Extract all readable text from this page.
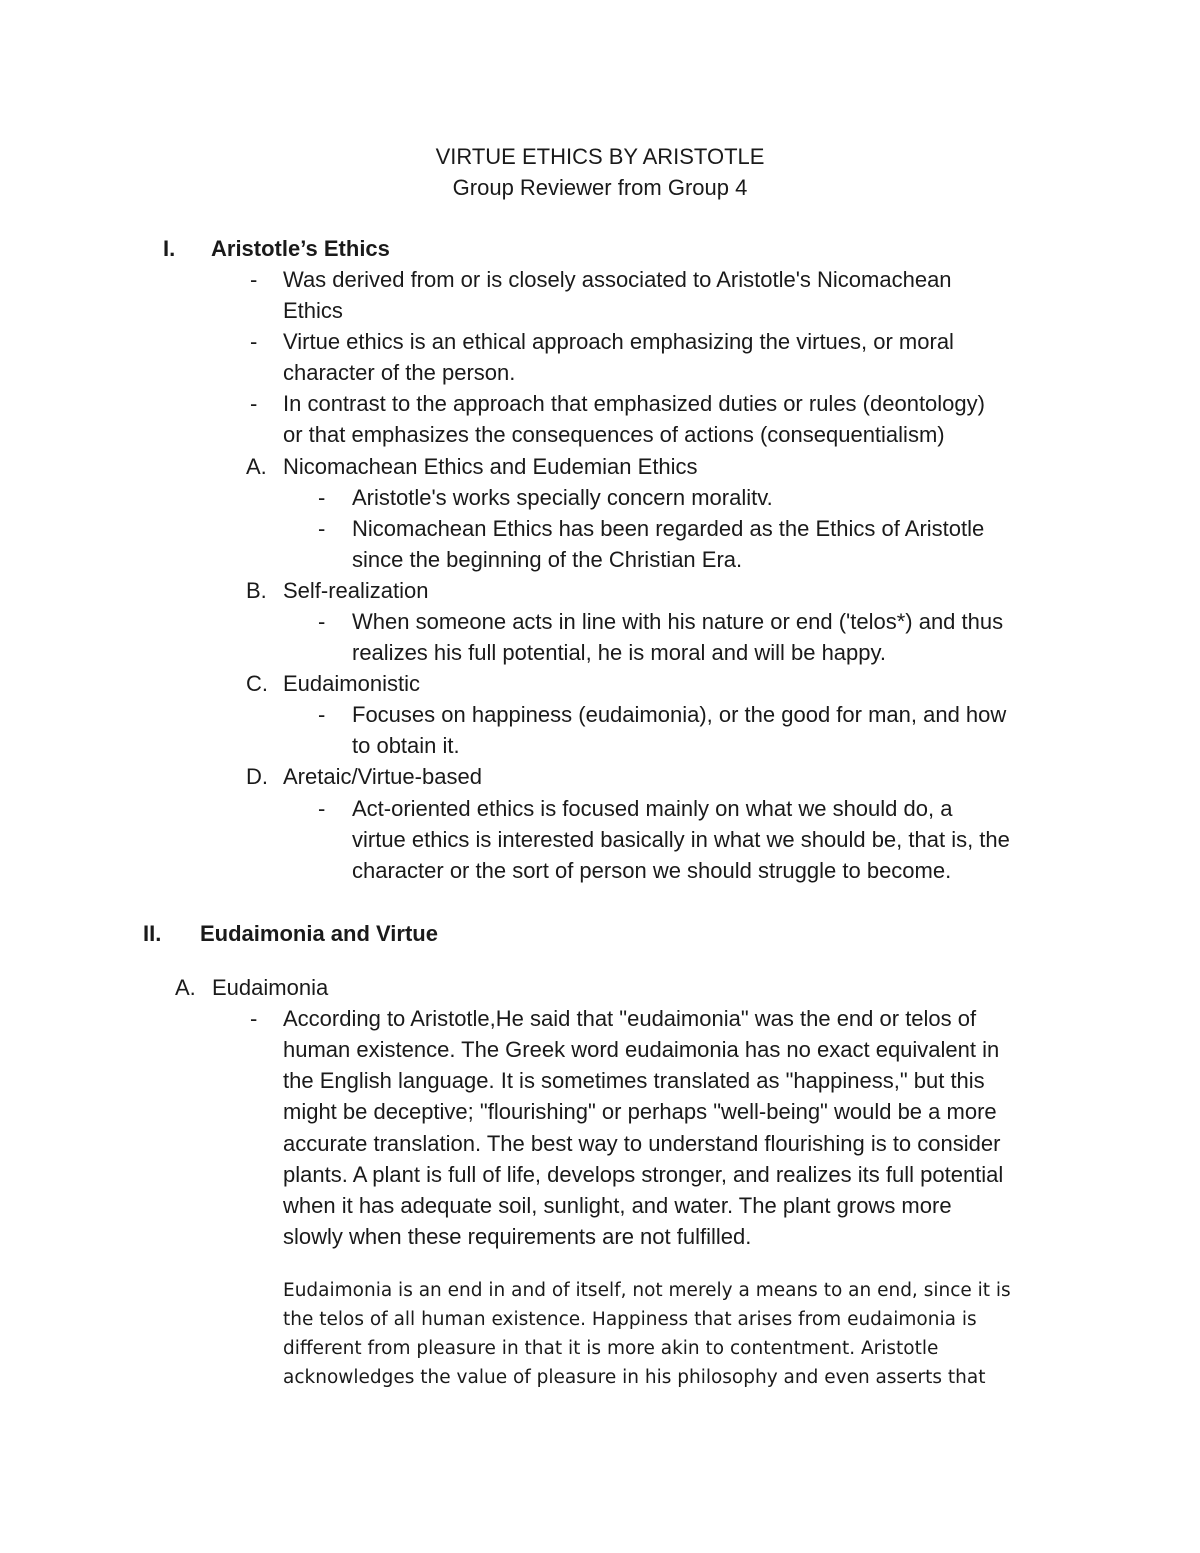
VIRTUE ETHICS BY ARISTOTLE
Group Reviewer from Group 4
I. Aristotle’s Ethics
- Was derived from or is closely associated to Aristotle's Nicomachean
Ethics
- Virtue ethics is an ethical approach emphasizing the virtues, or moral
character of the person.
- In contrast to the approach that emphasized duties or rules (deontology)
or that emphasizes the consequences of actions (consequentialism)
A. Nicomachean Ethics and Eudemian Ethics
- Aristotle's works specially concern moralitv.
- Nicomachean Ethics has been regarded as the Ethics of Aristotle
since the beginning of the Christian Era.
B. Self-realization
- When someone acts in line with his nature or end ('telos*) and thus
realizes his full potential, he is moral and will be happy.
C. Eudaimonistic
- Focuses on happiness (eudaimonia), or the good for man, and how
to obtain it.
D. Aretaic/Virtue-based
- Act-oriented ethics is focused mainly on what we should do, a
virtue ethics is interested basically in what we should be, that is, the
character or the sort of person we should struggle to become.
II. Eudaimonia and Virtue
A. Eudaimonia
- According to Aristotle,He said that "eudaimonia" was the end or telos of
human existence. The Greek word eudaimonia has no exact equivalent in
the English language. It is sometimes translated as "happiness," but this
might be deceptive; "flourishing" or perhaps "well-being" would be a more
accurate translation. The best way to understand flourishing is to consider
plants. A plant is full of life, develops stronger, and realizes its full potential
when it has adequate soil, sunlight, and water. The plant grows more
slowly when these requirements are not fulfilled.
Eudaimonia is an end in and of itself, not merely a means to an end, since it is
the telos of all human existence. Happiness that arises from eudaimonia is
different from pleasure in that it is more akin to contentment. Aristotle
acknowledges the value of pleasure in his philosophy and even asserts that
